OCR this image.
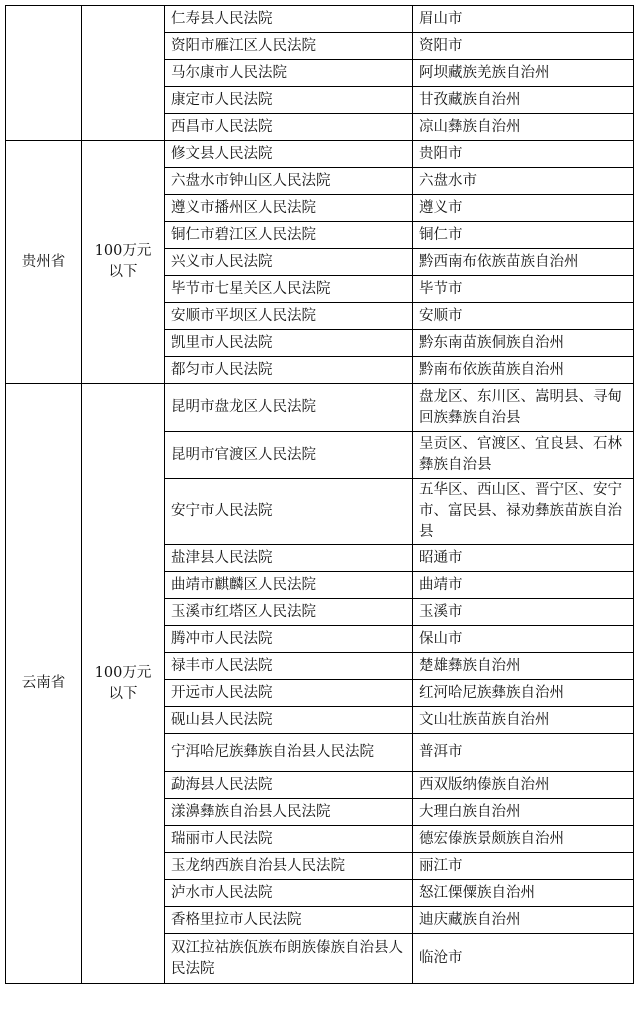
		仁寿县人民法院	眉山市
		资阳市雁江区人民法院	资阳市
		马尔康市人民法院	阿坝藏族羌族自治州
		康定市人民法院	甘孜藏族自治州
		西昌市人民法院	凉山彝族自治州
贵州省	100万元以下	修文县人民法院	贵阳市
		六盘水市钟山区人民法院	六盘水市
		遵义市播州区人民法院	遵义市
		铜仁市碧江区人民法院	铜仁市
		兴义市人民法院	黔西南布依族苗族自治州
		毕节市七星关区人民法院	毕节市
		安顺市平坝区人民法院	安顺市
		凯里市人民法院	黔东南苗族侗族自治州
		都匀市人民法院	黔南布依族苗族自治州
云南省	100万元以下	昆明市盘龙区人民法院	盘龙区、东川区、嵩明县、寻甸回族彝族自治县
		昆明市官渡区人民法院	呈贡区、官渡区、宜良县、石林彝族自治县
		安宁市人民法院	五华区、西山区、晋宁区、安宁市、富民县、禄劝彝族苗族自治县
		盐津县人民法院	昭通市
		曲靖市麒麟区人民法院	曲靖市
		玉溪市红塔区人民法院	玉溪市
		腾冲市人民法院	保山市
		禄丰市人民法院	楚雄彝族自治州
		开远市人民法院	红河哈尼族彝族自治州
		砚山县人民法院	文山壮族苗族自治州
		宁洱哈尼族彝族自治县人民法院	普洱市
		勐海县人民法院	西双版纳傣族自治州
		漾濞彝族自治县人民法院	大理白族自治州
		瑞丽市人民法院	德宏傣族景颇族自治州
		玉龙纳西族自治县人民法院	丽江市
		泸水市人民法院	怒江傈僳族自治州
		香格里拉市人民法院	迪庆藏族自治州
		双江拉祜族佤族布朗族傣族自治县人民法院	临沧市
